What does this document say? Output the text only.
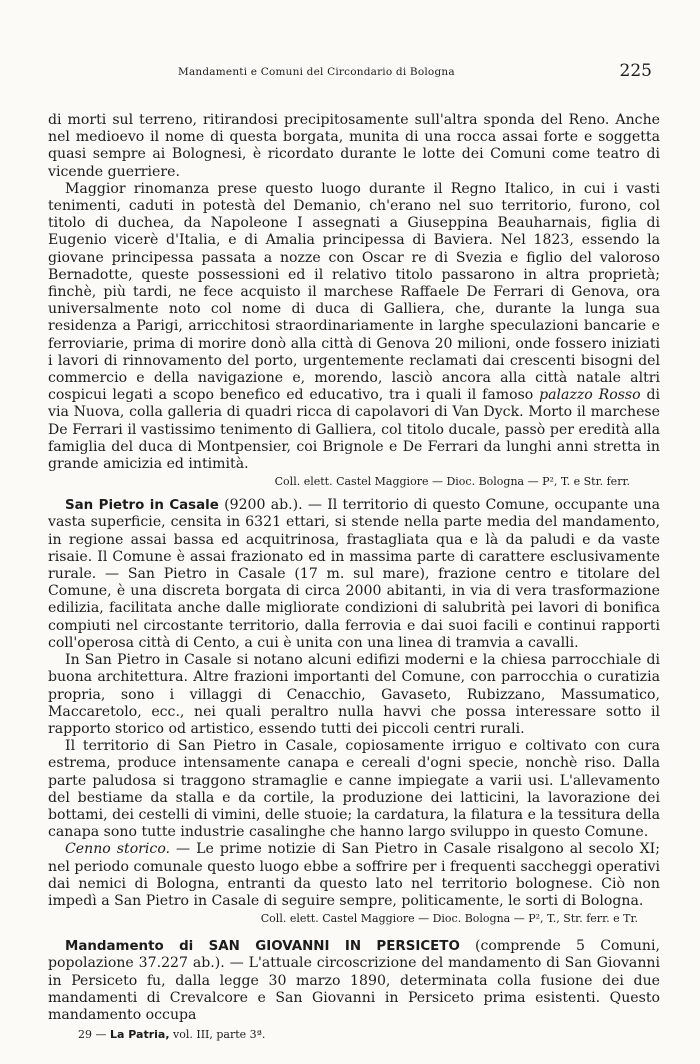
Mandamenti e Comuni del Circondario di Bologna	225

di morti sul terreno, ritirandosi precipitosamente sull'altra sponda del Reno. Anche nel medioevo il nome di questa borgata, munita di una rocca assai forte e soggetta quasi sempre ai Bolognesi, è ricordato durante le lotte dei Comuni come teatro di vicende guerriere.

Maggior rinomanza prese questo luogo durante il Regno Italico, in cui i vasti tenimenti, caduti in potestà del Demanio, ch'erano nel suo territorio, furono, col titolo di duchea, da Napoleone I assegnati a Giuseppina Beauharnais, figlia di Eugenio vicerè d'Italia, e di Amalia principessa di Baviera. Nel 1823, essendo la giovane principessa passata a nozze con Oscar re di Svezia e figlio del valoroso Bernadotte, queste possessioni ed il relativo titolo passarono in altra proprietà; finchè, più tardi, ne fece acquisto il marchese Raffaele De Ferrari di Genova, ora universalmente noto col nome di duca di Galliera, che, durante la lunga sua residenza a Parigi, arricchitosi straordinariamente in larghe speculazioni bancarie e ferroviarie, prima di morire donò alla città di Genova 20 milioni, onde fossero iniziati i lavori di rinnovamento del porto, urgentemente reclamati dai crescenti bisogni del commercio e della navigazione e, morendo, lasciò ancora alla città natale altri cospicui legati a scopo benefico ed educativo, tra i quali il famoso palazzo Rosso di via Nuova, colla galleria di quadri ricca di capolavori di Van Dyck. Morto il marchese De Ferrari il vastissimo tenimento di Galliera, col titolo ducale, passò per eredità alla famiglia del duca di Montpensier, coi Brignole e De Ferrari da lunghi anni stretta in grande amicizia ed intimità.

Coll. elett. Castel Maggiore — Dioc. Bologna — P², T. e Str. ferr.

San Pietro in Casale (9200 ab.). — Il territorio di questo Comune, occupante una vasta superficie, censita in 6321 ettari, si stende nella parte media del mandamento, in regione assai bassa ed acquitrinosa, frastagliata qua e là da paludi e da vaste risaie. Il Comune è assai frazionato ed in massima parte di carattere esclusivamente rurale. — San Pietro in Casale (17 m. sul mare), frazione centro e titolare del Comune, è una discreta borgata di circa 2000 abitanti, in via di vera trasformazione edilizia, facilitata anche dalle migliorate condizioni di salubrità pei lavori di bonifica compiuti nel circostante territorio, dalla ferrovia e dai suoi facili e continui rapporti coll'operosa città di Cento, a cui è unita con una linea di tramvia a cavalli.

In San Pietro in Casale si notano alcuni edifizi moderni e la chiesa parrocchiale di buona architettura. Altre frazioni importanti del Comune, con parrocchia o curatizia propria, sono i villaggi di Cenacchio, Gavaseto, Rubizzano, Massumatico, Maccaretolo, ecc., nei quali peraltro nulla havvi che possa interessare sotto il rapporto storico od artistico, essendo tutti dei piccoli centri rurali.

Il territorio di San Pietro in Casale, copiosamente irriguo e coltivato con cura estrema, produce intensamente canapa e cereali d'ogni specie, nonchè riso. Dalla parte paludosa si traggono stramaglie e canne impiegate a varii usi. L'allevamento del bestiame da stalla e da cortile, la produzione dei latticini, la lavorazione dei bottami, dei cestelli di vimini, delle stuoie; la cardatura, la filatura e la tessitura della canapa sono tutte industrie casalinghe che hanno largo sviluppo in questo Comune.

Cenno storico. — Le prime notizie di San Pietro in Casale risalgono al secolo XI; nel periodo comunale questo luogo ebbe a soffrire per i frequenti saccheggi operativi dai nemici di Bologna, entranti da questo lato nel territorio bolognese. Ciò non impedì a San Pietro in Casale di seguire sempre, politicamente, le sorti di Bologna.

Coll. elett. Castel Maggiore — Dioc. Bologna — P², T., Str. ferr. e Tr.

Mandamento di SAN GIOVANNI IN PERSICETO (comprende 5 Comuni, popolazione 37.227 ab.). — L'attuale circoscrizione del mandamento di San Giovanni in Persiceto fu, dalla legge 30 marzo 1890, determinata colla fusione dei due mandamenti di Crevalcore e San Giovanni in Persiceto prima esistenti. Questo mandamento occupa

29 — La Patria, vol. III, parte 3ª.
